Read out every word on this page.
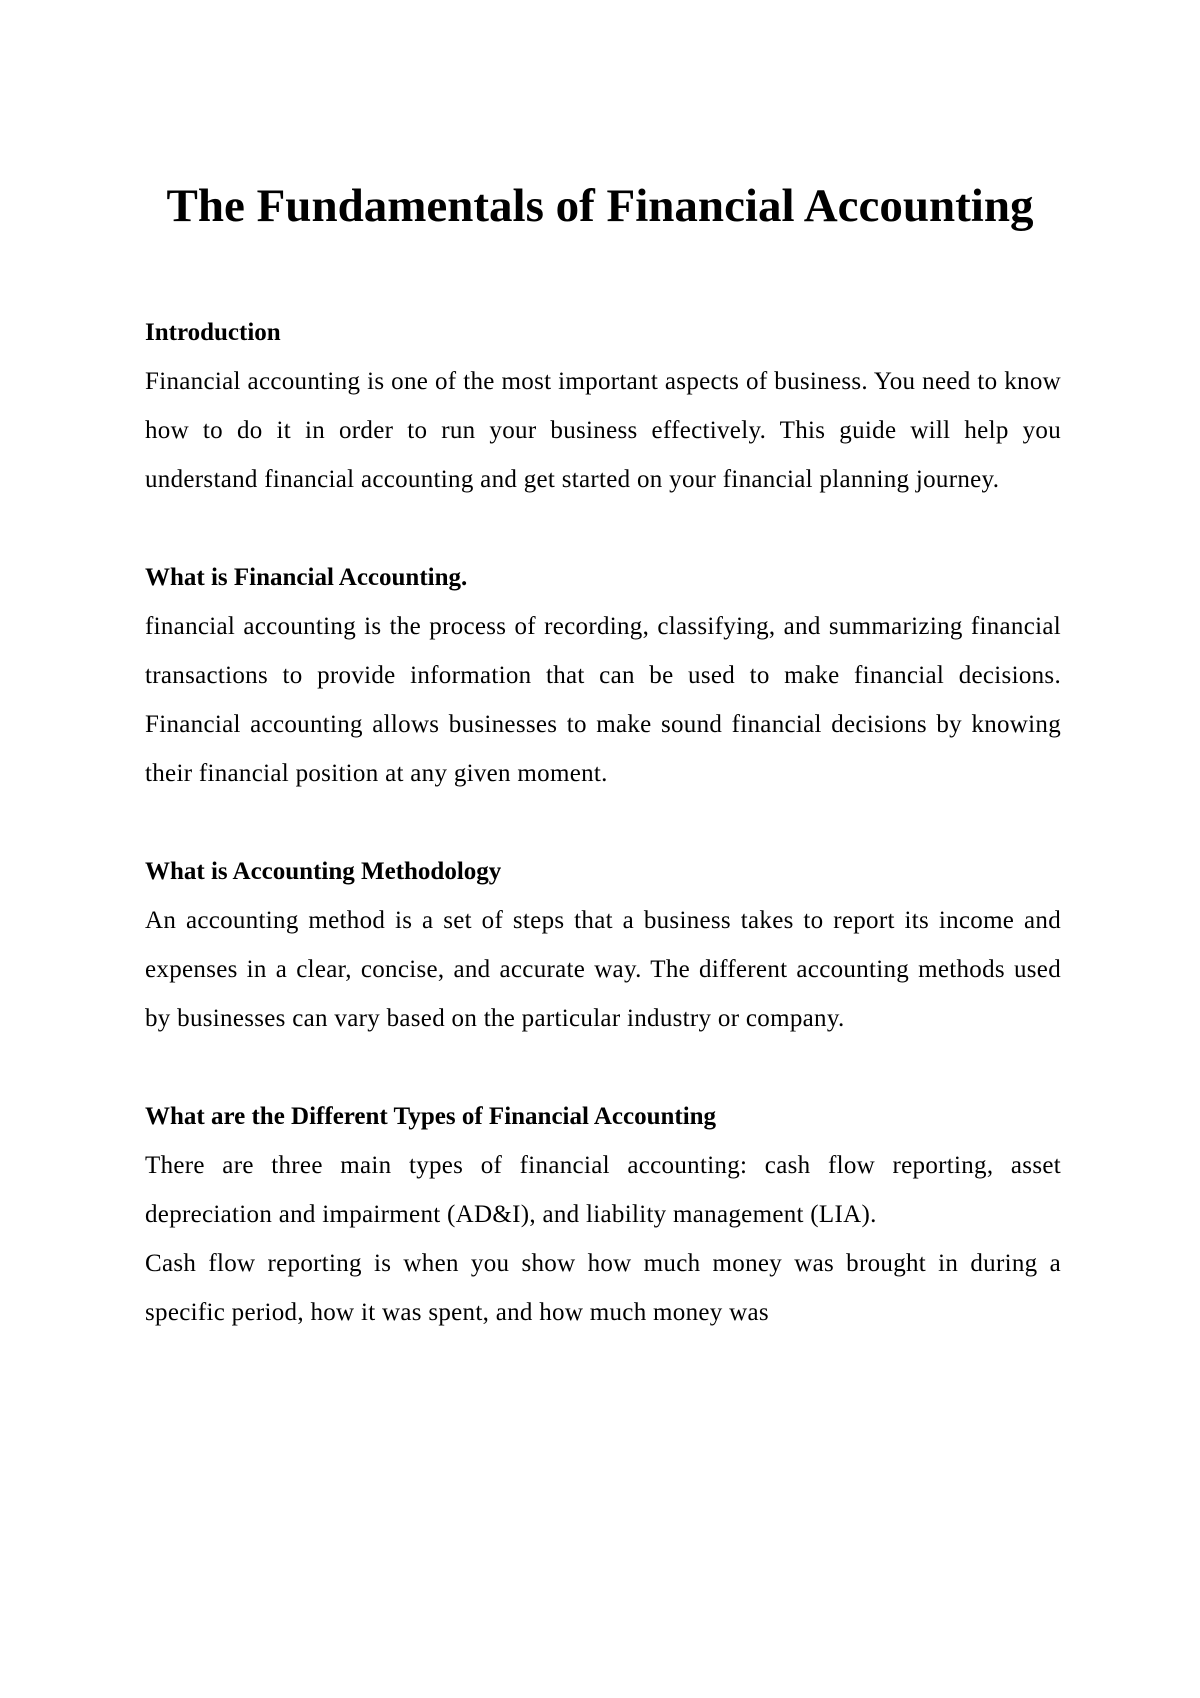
The Fundamentals of Financial Accounting

Introduction

Financial accounting is one of the most important aspects of business. You need to know how to do it in order to run your business effectively. This guide will help you understand financial accounting and get started on your financial planning journey.

What is Financial Accounting.

financial accounting is the process of recording, classifying, and summarizing financial transactions to provide information that can be used to make financial decisions. Financial accounting allows businesses to make sound financial decisions by knowing their financial position at any given moment.

What is Accounting Methodology

An accounting method is a set of steps that a business takes to report its income and expenses in a clear, concise, and accurate way. The different accounting methods used by businesses can vary based on the particular industry or company.

What are the Different Types of Financial Accounting

There are three main types of financial accounting: cash flow reporting, asset depreciation and impairment (AD&I), and liability management (LIA).

Cash flow reporting is when you show how much money was brought in during a specific period, how it was spent, and how much money was
